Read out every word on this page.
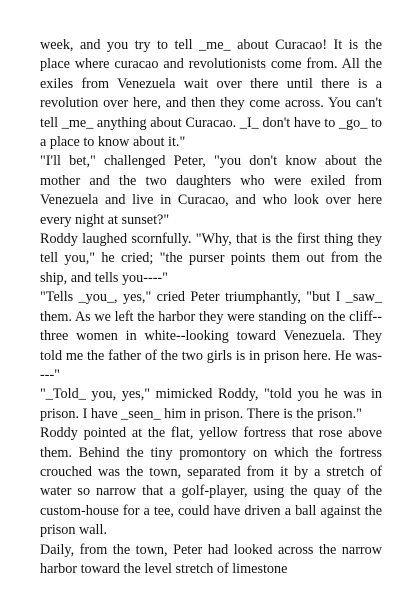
week, and you try to tell _me_ about Curacao! It is the place where curacao and revolutionists come from. All the exiles from Venezuela wait over there until there is a revolution over here, and then they come across. You can't tell _me_ anything about Curacao. _I_ don't have to _go_ to a place to know about it."

"I'll bet," challenged Peter, "you don't know about the mother and the two daughters who were exiled from Venezuela and live in Curacao, and who look over here every night at sunset?"

Roddy laughed scornfully. "Why, that is the first thing they tell you," he cried; "the purser points them out from the ship, and tells you----"

"Tells _you_, yes," cried Peter triumphantly, "but I _saw_ them. As we left the harbor they were standing on the cliff--three women in white--looking toward Venezuela. They told me the father of the two girls is in prison here. He was----"

"_Told_ you, yes," mimicked Roddy, "told you he was in prison. I have _seen_ him in prison. There is the prison."

Roddy pointed at the flat, yellow fortress that rose above them. Behind the tiny promontory on which the fortress crouched was the town, separated from it by a stretch of water so narrow that a golf-player, using the quay of the custom-house for a tee, could have driven a ball against the prison wall.

Daily, from the town, Peter had looked across the narrow harbor toward the level stretch of limestone
